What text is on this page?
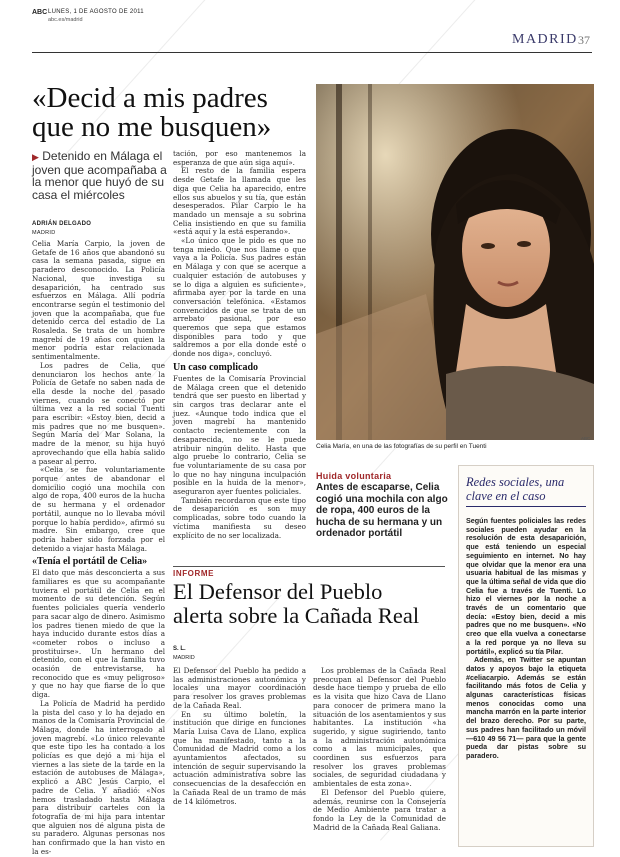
ABC LUNES, 1 DE AGOSTO DE 2011
abc.es/madrid
MADRID 37
«Decid a mis padres
que no me busquen»
▶ Detenido en Málaga el joven que acompañaba a la menor que huyó de su casa el miércoles
ADRIÁN DELGADO
MADRID

Celia María Carpio, la joven de Getafe de 16 años que abandonó su casa la semana pasada, sigue en paradero desconocido. La Policía Nacional, que investiga su desaparición, ha centrado sus esfuerzos en Málaga. Allí podría encontrarse según el testimonio del joven que la acompañaba, que fue detenido cerca del estadio de La Rosaleda. Se trata de un hombre magrebí de 19 años con quien la menor podría estar relacionada sentimentalmente.

Los padres de Celia, que denunciaron los hechos ante la Policía de Getafe no saben nada de ella desde la noche del pasado viernes, cuando se conectó por última vez a la red social Tuenti para escribir: «Estoy bien, decid a mis padres que no me busquen». Según María del Mar Solana, la madre de la menor, su hija huyó aprovechando que ella había salido a pasear al perro.

«Celia se fue voluntariamente porque antes de abandonar el domicilio cogió una mochila con algo de ropa, 400 euros de la hucha de su hermana y el ordenador portátil, aunque no lo llevaba móvil porque lo había perdido», afirmó su madre. Sin embargo, cree que podría haber sido forzada por el detenido a viajar hasta Málaga.

«Tenía el portátil de Celia»

El dato que más desconcierta a sus familiares es que su acompañante tuviera el portátil de Celia en el momento de su detención. Según fuentes policiales quería venderlo para sacar algo de dinero. Asimismo los padres tienen miedo de que la haya inducido durante estos días a «cometer robos o incluso a prostituirse». Un hermano del detenido, con el que la familia tuvo ocasión de entrevistarse, ha reconocido que es «muy peligroso» y que no hay que fiarse de lo que diga.

La Policía de Madrid ha perdido la pista del caso y lo ha dejado en manos de la Comisaría Provincial de Málaga, donde ha interrogado al joven magrebí. «Lo único relevante que este tipo les ha contado a los policías es que dejó a mi hija el viernes a las siete de la tarde en la estación de autobuses de Málaga», explicó a ABC Jesús Carpio, el padre de Celia. Y añadió: «Nos hemos trasladado hasta Málaga para distribuir carteles con la fotografía de mi hija para intentar que alguien nos dé alguna pista de su paradero. Algunas personas nos han confirmado que la han visto en la es-

tación, por eso mantenemos la esperanza de que aún siga aquí».

El resto de la familia espera desde Getafe la llamada que les diga que Celia ha aparecido, entre ellos sus abuelos y su tía, que están desesperados. Pilar Carpio le ha mandado un mensaje a su sobrina Celia insistiendo en que su familia «está aquí y la está esperando».

«Lo único que le pido es que no tenga miedo. Que nos llame o que vaya a la Policía. Sus padres están en Málaga y con que se acerque a cualquier estación de autobuses y se lo diga a alguien es suficiente», afirmaba ayer por la tarde en una conversación telefónica. «Estamos convencidos de que se trata de un arrebato pasional, por eso queremos que sepa que estamos disponibles para todo y que saldremos a por ella donde esté o donde nos diga», concluyó.

Un caso complicado

Fuentes de la Comisaría Provincial de Málaga creen que el detenido tendrá que ser puesto en libertad y sin cargos tras declarar ante el juez. «Aunque todo indica que el joven magrebí ha mantenido contacto recientemente con la desaparecida, no se le puede atribuir ningún delito. Hasta que algo pruebe lo contrario, Celia se fue voluntariamente de su casa por lo que no hay ninguna inculpación posible en la huida de la menor», aseguraron ayer fuentes policiales.

También recordaron que este tipo de desaparición es son muy complicadas, sobre todo cuando la víctima manifiesta su deseo explícito de no ser localizada.

ABC
Celia María, en una de las fotografías de su perfil en Tuenti
Huida voluntaria
Antes de escaparse, Celia cogió una mochila con algo de ropa, 400 euros de la hucha de su hermana y un ordenador portátil
Redes sociales, una clave en el caso

Según fuentes policiales las redes sociales pueden ayudar en la resolución de esta desaparición, que está teniendo un especial seguimiento en internet. No hay que olvidar que la menor era una usuaria habitual de las mismas y que la última señal de vida que dio Celia fue a través de Tuenti. Lo hizo el viernes por la noche a través de un comentario que decía: «Estoy bien, decid a mis padres que no me busquen». «No creo que ella vuelva a conectarse a la red porque ya no lleva su portátil», explicó su tía Pilar.

Además, en Twitter se apuntan datos y apoyos bajo la etiqueta #celiacarpio. Además se están facilitando más fotos de Celia y algunas características físicas menos conocidas como una mancha marrón en la parte interior del brazo derecho. Por su parte, sus padres han facilitado un móvil —610 49 56 71— para que la gente pueda dar pistas sobre su paradero.

INFORME
El Defensor del Pueblo
alerta sobre la Cañada Real
S. L.
MADRID

El Defensor del Pueblo ha pedido a las administraciones autonómica y locales una mayor coordinación para resolver los graves problemas de la Cañada Real.

En su último boletín, la institución que dirige en funciones María Luisa Cava de Llano, explica que ha manifestado, tanto a la Comunidad de Madrid como a los ayuntamientos afectados, su intención de seguir supervisando la actuación administrativa sobre las consecuencias de la desafección en la Cañada Real de un tramo de más de 14 kilómetros.

Los problemas de la Cañada Real preocupan al Defensor del Pueblo desde hace tiempo y prueba de ello es la visita que hizo Cava de Llano para conocer de primera mano la situación de los asentamientos y sus habitantes. La institución «ha sugerido, y sigue sugiriendo, tanto a la administración autonómica como a las municipales, que coordinen sus esfuerzos para resolver los graves problemas sociales, de seguridad ciudadana y ambientales de esta zona».

El Defensor del Pueblo quiere, además, reunirse con la Consejería de Medio Ambiente para tratar a fondo la Ley de la Comunidad de Madrid de la Cañada Real Galiana.
